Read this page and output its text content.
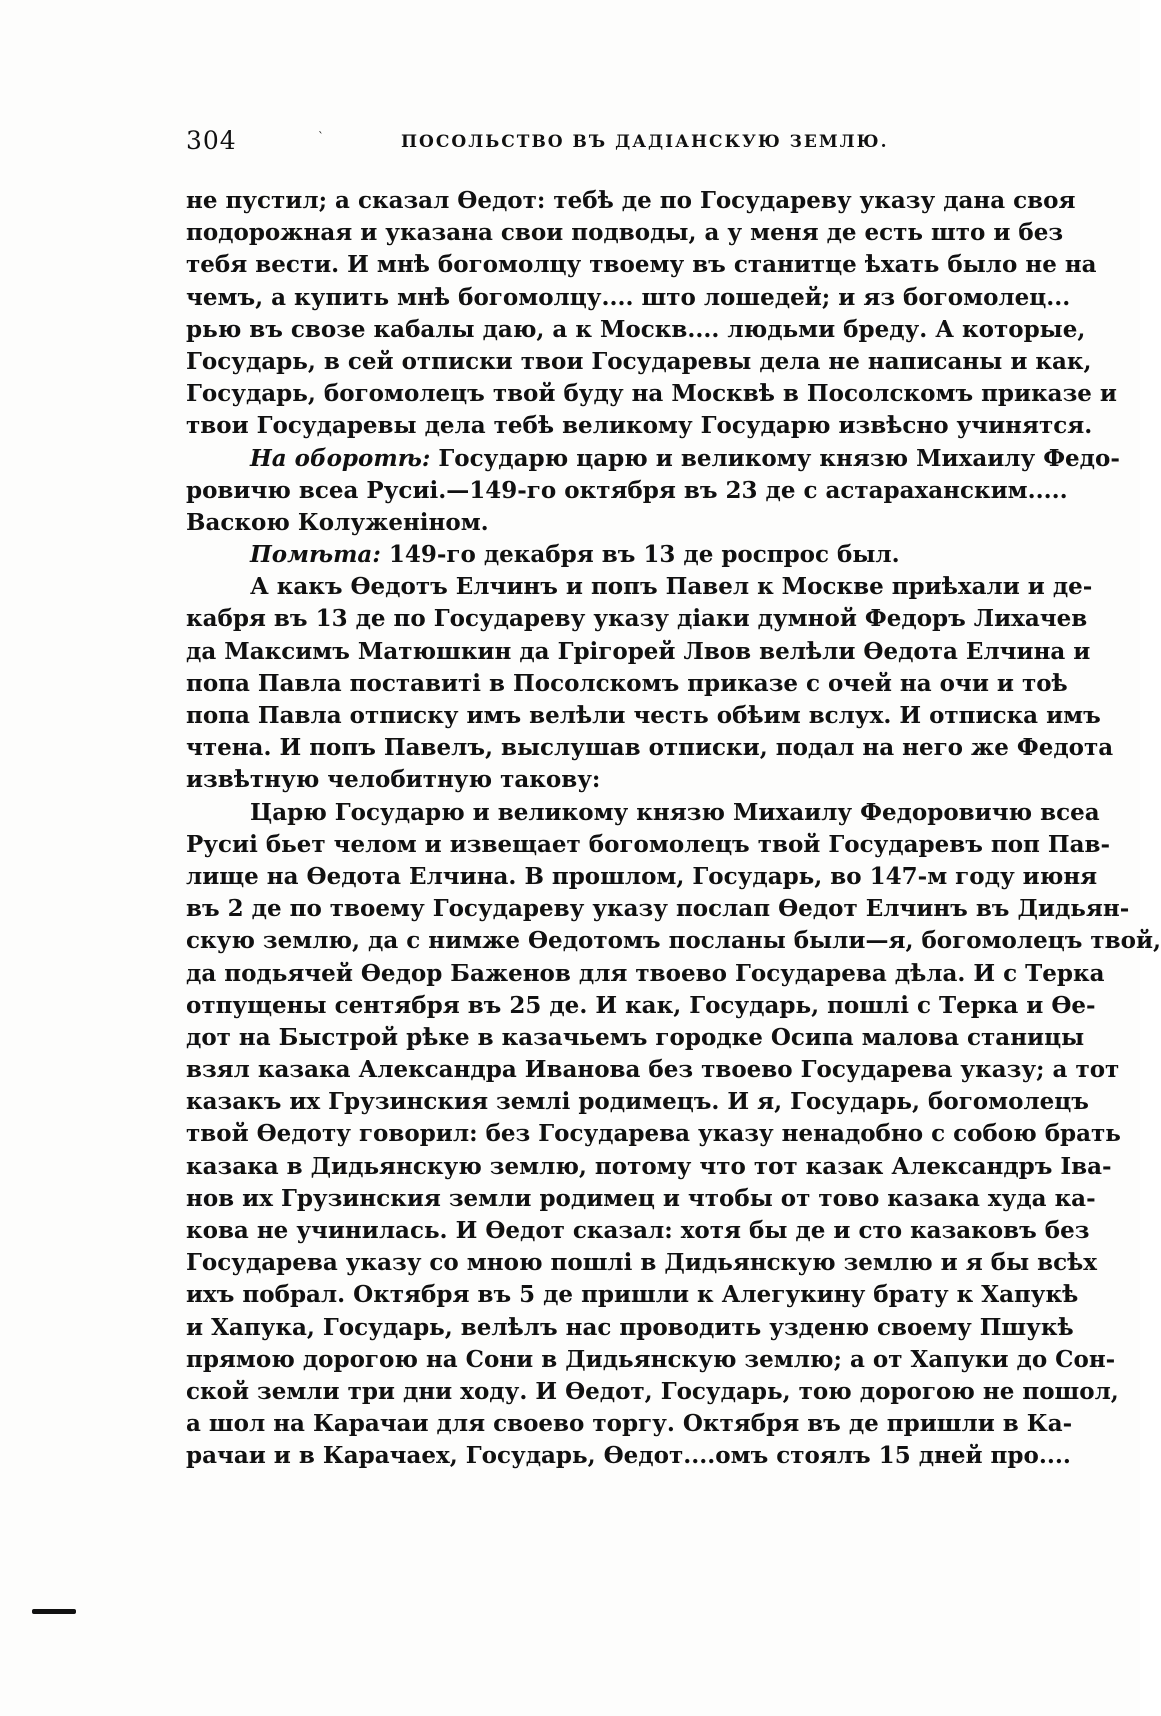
304	`	ПОСОЛЬСТВО ВЪ ДАДІАНСКУЮ ЗЕМЛЮ.
не пустил; а сказал Ѳедот: тебѣ де по Государеву указу дана своя
подорожная и указана свои подводы, а у меня де есть што и без
тебя вести. И мнѣ богомолцу твоему въ станитце ѣхать было не на
чемъ, а купить мнѣ богомолцу.... што лошедей; и яз богомолец...
рью въ свозе кабалы даю, а к Москв.... людьми бреду. А которые,
Государь, в сей отписки твои Государевы дела не написаны и как,
Государь, богомолецъ твой буду на Москвѣ в Посолскомъ приказе и
твои Государевы дела тебѣ великому Государю извѣсно учинятся.
На оборотѣ: Государю царю и великому князю Михаилу Федо-
ровичю всеа Русиі.—149-го октября въ 23 де с астараханским.....
Васкою Колуженіном.
Помѣта: 149-го декабря въ 13 де роспрос был.
А какъ Ѳедотъ Елчинъ и попъ Павел к Москве приѣхали и де-
кабря въ 13 де по Государеву указу діаки думной Федоръ Лихачев
да Максимъ Матюшкин да Грігорей Лвов велѣли Ѳедота Елчина и
попа Павла поставиті в Посолскомъ приказе с очей на очи и тоѣ
попа Павла отписку имъ велѣли честь обѣим вслух. И отписка имъ
чтена. И попъ Павелъ, выслушав отписки, подал на него же Федота
извѣтную челобитную такову:
Царю Государю и великому князю Михаилу Федоровичю всеа
Русиі бьет челом и извещает богомолецъ твой Государевъ поп Пав-
лище на Ѳедота Елчина. В прошлом, Государь, во 147-м году июня
въ 2 де по твоему Государеву указу послап Ѳедот Елчинъ въ Дидьян-
скую землю, да с нимже Ѳедотомъ посланы были—я, богомолецъ твой,
да подьячей Ѳедор Баженов для твоево Государева дѣла. И с Терка
отпущены сентября въ 25 де. И как, Государь, пошлі с Терка и Ѳе-
дот на Быстрой рѣке в казачьемъ городке Осипа малова станицы
взял казака Александра Иванова без твоево Государева указу; а тот
казакъ их Грузинския землі родимецъ. И я, Государь, богомолецъ
твой Ѳедоту говорил: без Государева указу ненадобно с собою брать
казака в Дидьянскую землю, потому что тот казак Александръ Іва-
нов их Грузинския земли родимец и чтобы от тово казака худа ка-
кова не учинилась. И Ѳедот сказал: хотя бы де и сто казаковъ без
Государева указу со мною пошлі в Дидьянскую землю и я бы всѣх
ихъ побрал. Октября въ 5 де пришли к Алегукину брату к Хапукѣ
и Хапука, Государь, велѣлъ нас проводить узденю своему Пшукѣ
прямою дорогою на Сони в Дидьянскую землю; а от Хапуки до Сон-
ской земли три дни ходу. И Ѳедот, Государь, тою дорогою не пошол,
а шол на Карачаи для своево торгу. Октября въ де пришли в Ка-
рачаи и в Карачаех, Государь, Ѳедот....омъ стоялъ 15 дней про....
